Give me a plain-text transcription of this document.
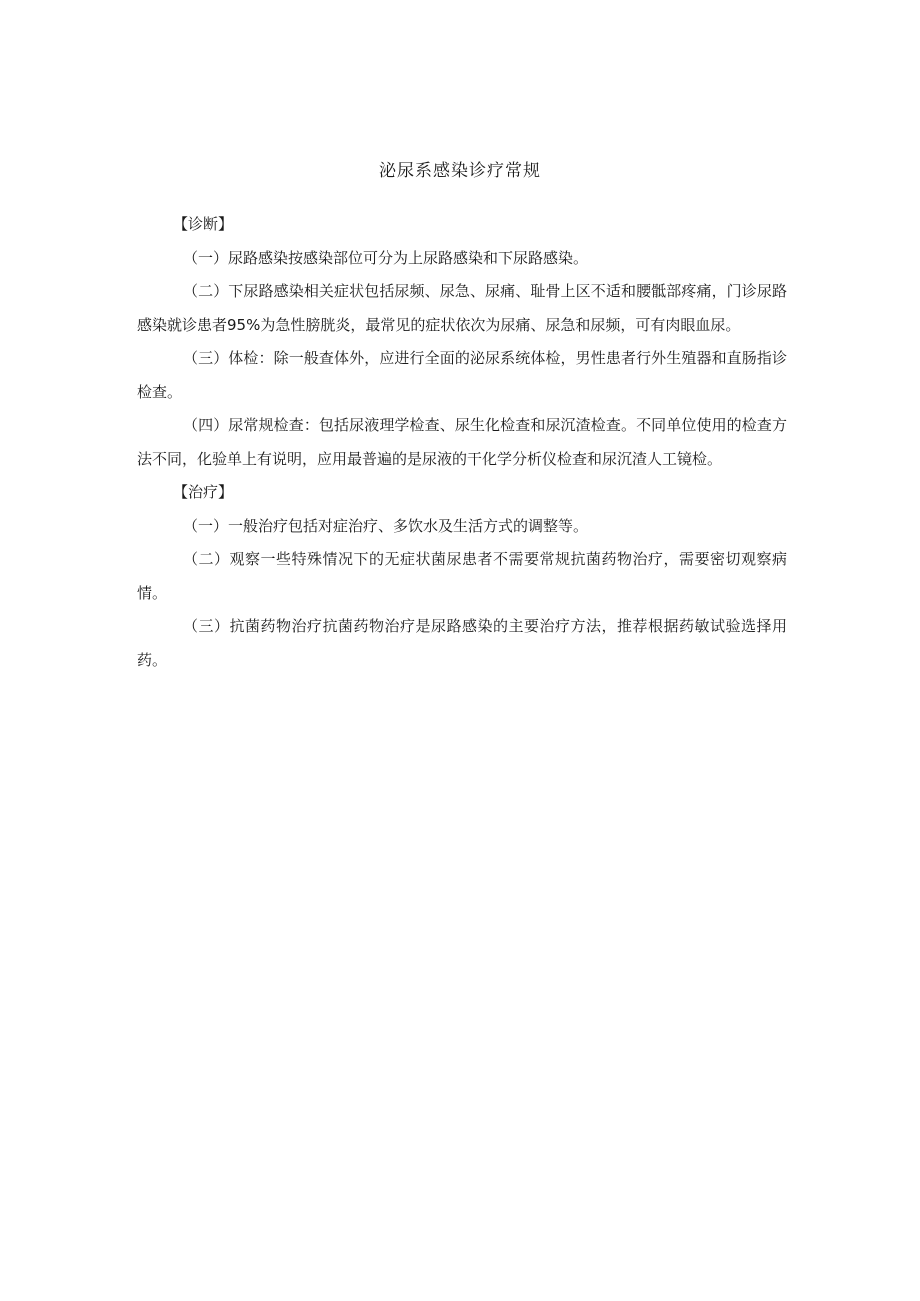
泌尿系感染诊疗常规

【诊断】

（一）尿路感染按感染部位可分为上尿路感染和下尿路感染。

（二）下尿路感染相关症状包括尿频、尿急、尿痛、耻骨上区不适和腰骶部疼痛，门诊尿路感染就诊患者95%为急性膀胱炎，最常见的症状依次为尿痛、尿急和尿频，可有肉眼血尿。

（三）体检：除一般查体外，应进行全面的泌尿系统体检，男性患者行外生殖器和直肠指诊检查。

（四）尿常规检查：包括尿液理学检查、尿生化检查和尿沉渣检查。不同单位使用的检查方法不同，化验单上有说明，应用最普遍的是尿液的干化学分析仪检查和尿沉渣人工镜检。

【治疗】

（一）一般治疗包括对症治疗、多饮水及生活方式的调整等。

（二）观察一些特殊情况下的无症状菌尿患者不需要常规抗菌药物治疗，需要密切观察病情。

（三）抗菌药物治疗抗菌药物治疗是尿路感染的主要治疗方法，推荐根据药敏试验选择用药。
